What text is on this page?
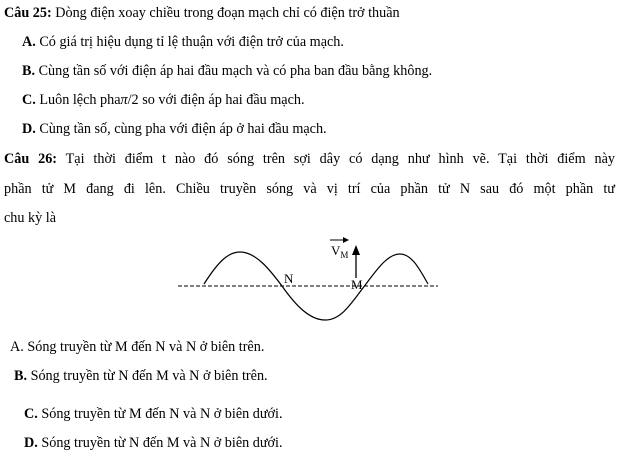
Câu 25: Dòng điện xoay chiều trong đoạn mạch chỉ có điện trở thuần
A. Có giá trị hiệu dụng tỉ lệ thuận với điện trở của mạch.
B. Cùng tần số với điện áp hai đầu mạch và có pha ban đầu bằng không.
C. Luôn lệch phaπ/2 so với điện áp hai đầu mạch.
D. Cùng tần số, cùng pha với điện áp ở hai đầu mạch.
Câu 26: Tại thời điểm t nào đó sóng trên sợi dây có dạng như hình vẽ. Tại thời điểm này
phần tử M đang đi lên. Chiều truyền sóng và vị trí của phần tử N sau đó một phần tư
chu kỳ là
N	M
$V_M$
A. Sóng truyền từ M đến N và N ở biên trên.
B. Sóng truyền từ N đến M và N ở biên trên.
C. Sóng truyền từ M đến N và N ở biên dưới.
D. Sóng truyền từ N đến M và N ở biên dưới.
